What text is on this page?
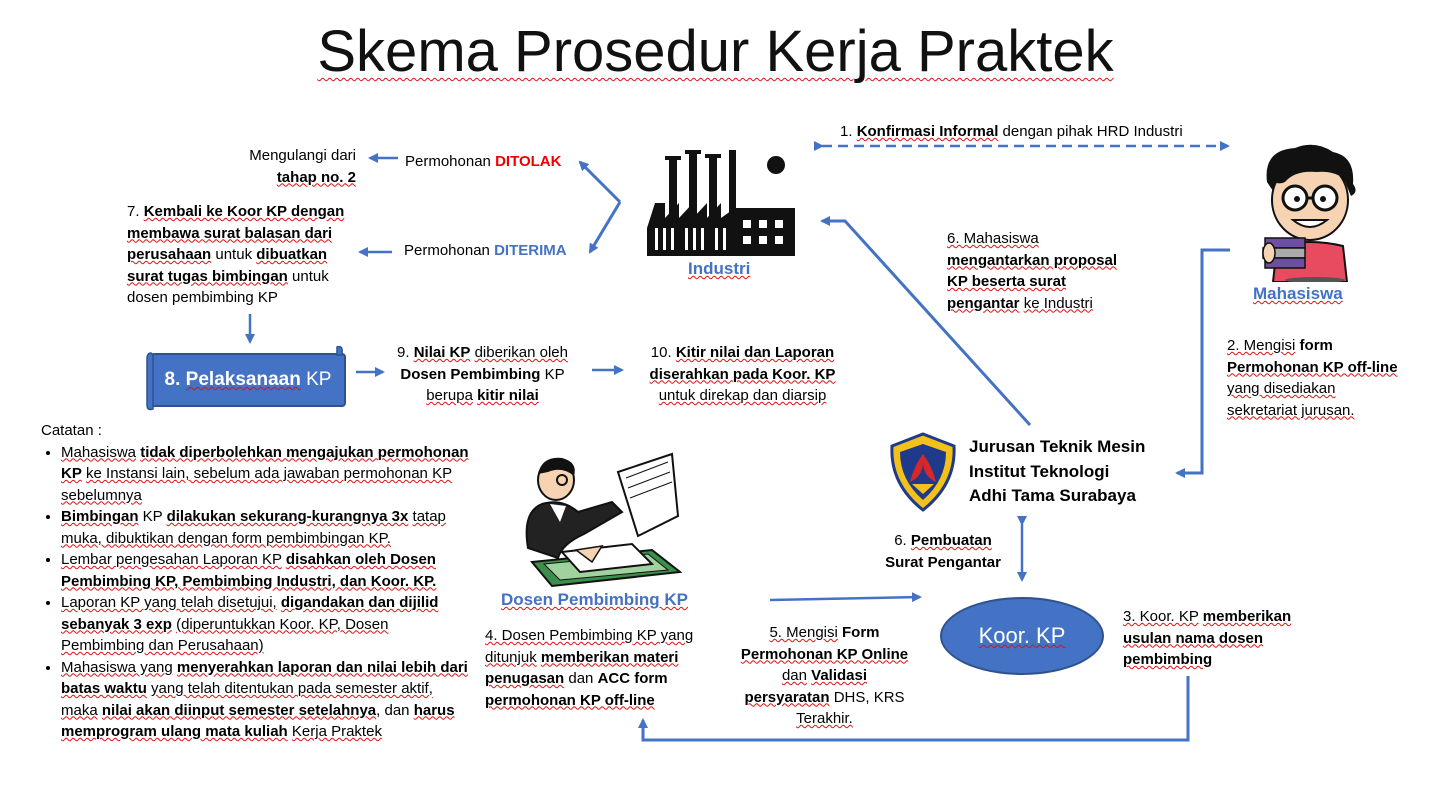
Skema Prosedur Kerja Praktek
1. Konfirmasi Informal dengan pihak HRD Industri
Permohonan DITOLAK
Permohonan DITERIMA
Mengulangi dari
tahap no. 2
7. Kembali ke Koor KP dengan
membawa surat balasan dari
perusahaan untuk dibuatkan
surat tugas bimbingan untuk
dosen pembimbing KP
Industri
Mahasiswa
6. Mahasiswa
mengantarkan proposal
KP beserta surat
pengantar ke Industri
2. Mengisi form
Permohonan KP off-line
yang disediakan
sekretariat jurusan.
8.
Pelaksanaan
KP
9. Nilai KP diberikan oleh
Dosen Pembimbing KP
berupa kitir nilai
10. Kitir nilai dan Laporan
diserahkan pada Koor. KP
untuk direkap dan diarsip
Jurusan Teknik Mesin
Institut Teknologi
Adhi Tama Surabaya
6. Pembuatan
Surat Pengantar
Koor. KP
3. Koor. KP memberikan
usulan nama dosen
pembimbing
Dosen Pembimbing KP
4. Dosen Pembimbing KP yang
ditunjuk memberikan materi
penugasan dan ACC form
permohonan KP off-line
5. Mengisi Form
Permohonan KP Online
dan Validasi
persyaratan DHS, KRS
Terakhir.
Catatan :
• Mahasiswa tidak diperbolehkan mengajukan permohonan KP ke Instansi lain, sebelum ada jawaban permohonan KP sebelumnya
• Bimbingan KP dilakukan sekurang-kurangnya 3x tatap muka, dibuktikan dengan form pembimbingan KP.
• Lembar pengesahan Laporan KP disahkan oleh Dosen Pembimbing KP, Pembimbing Industri, dan Koor. KP.
• Laporan KP yang telah disetujui, digandakan dan dijilid sebanyak 3 exp (diperuntukkan Koor. KP, Dosen Pembimbing dan Perusahaan)
• Mahasiswa yang menyerahkan laporan dan nilai lebih dari batas waktu yang telah ditentukan pada semester aktif, maka nilai akan diinput semester setelahnya, dan harus memprogram ulang mata kuliah Kerja Praktek
